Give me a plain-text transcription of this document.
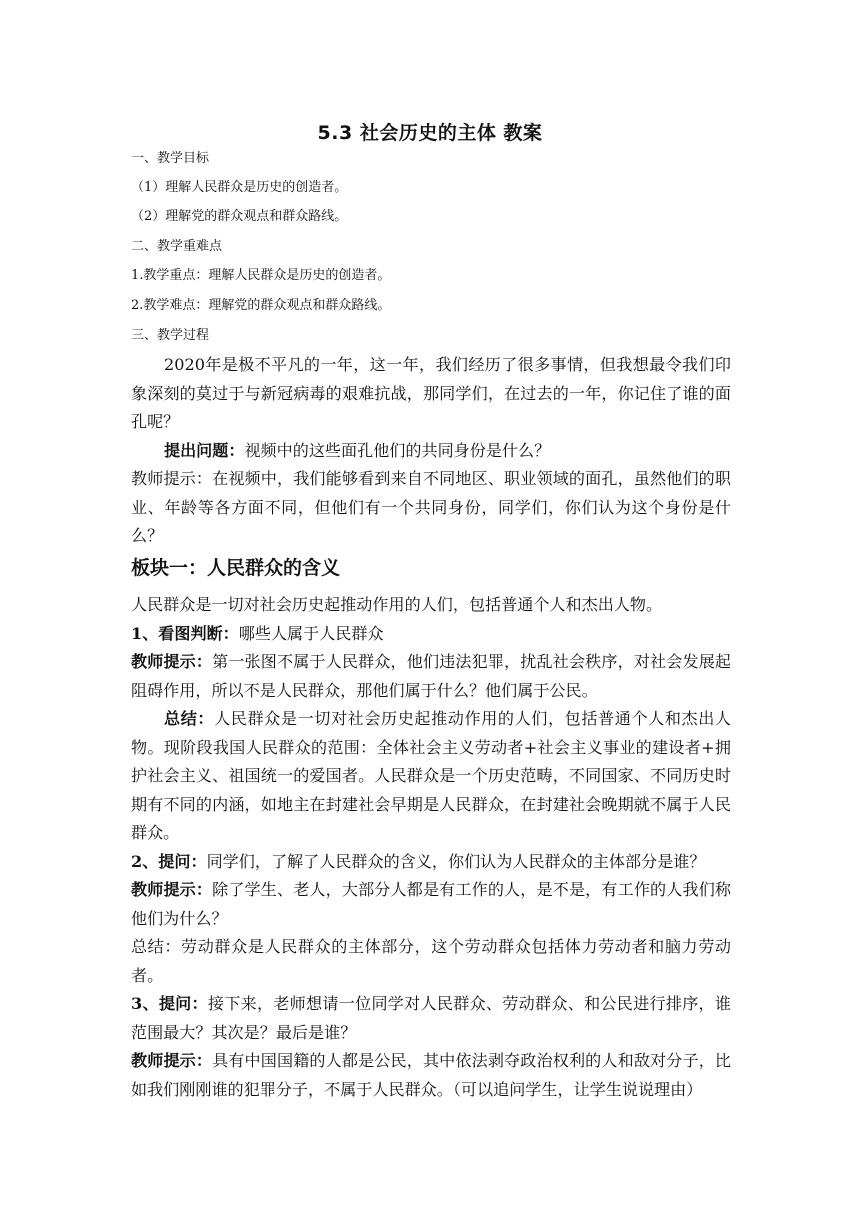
5.3 社会历史的主体 教案
一、教学目标
（1）理解人民群众是历史的创造者。
（2）理解党的群众观点和群众路线。
二、教学重难点
1.教学重点：理解人民群众是历史的创造者。
2.教学难点：理解党的群众观点和群众路线。
三、教学过程

2020年是极不平凡的一年，这一年，我们经历了很多事情，但我想最令我们印象深刻的莫过于与新冠病毒的艰难抗战，那同学们，在过去的一年，你记住了谁的面孔呢？

提出问题：视频中的这些面孔他们的共同身份是什么？

教师提示：在视频中，我们能够看到来自不同地区、职业领域的面孔，虽然他们的职业、年龄等各方面不同，但他们有一个共同身份，同学们，你们认为这个身份是什么？

板块一：人民群众的含义

人民群众是一切对社会历史起推动作用的人们，包括普通个人和杰出人物。

1、看图判断：哪些人属于人民群众

教师提示：第一张图不属于人民群众，他们违法犯罪，扰乱社会秩序，对社会发展起阻碍作用，所以不是人民群众，那他们属于什么？他们属于公民。

总结：人民群众是一切对社会历史起推动作用的人们，包括普通个人和杰出人物。现阶段我国人民群众的范围：全体社会主义劳动者+社会主义事业的建设者+拥护社会主义、祖国统一的爱国者。人民群众是一个历史范畴，不同国家、不同历史时期有不同的内涵，如地主在封建社会早期是人民群众，在封建社会晚期就不属于人民群众。

2、提问：同学们，了解了人民群众的含义，你们认为人民群众的主体部分是谁？

教师提示：除了学生、老人，大部分人都是有工作的人，是不是，有工作的人我们称他们为什么？

总结：劳动群众是人民群众的主体部分，这个劳动群众包括体力劳动者和脑力劳动者。

3、提问：接下来，老师想请一位同学对人民群众、劳动群众、和公民进行排序，谁范围最大？其次是？最后是谁？

教师提示：具有中国国籍的人都是公民，其中依法剥夺政治权利的人和敌对分子，比如我们刚刚谁的犯罪分子，不属于人民群众。（可以追问学生，让学生说说理由）
